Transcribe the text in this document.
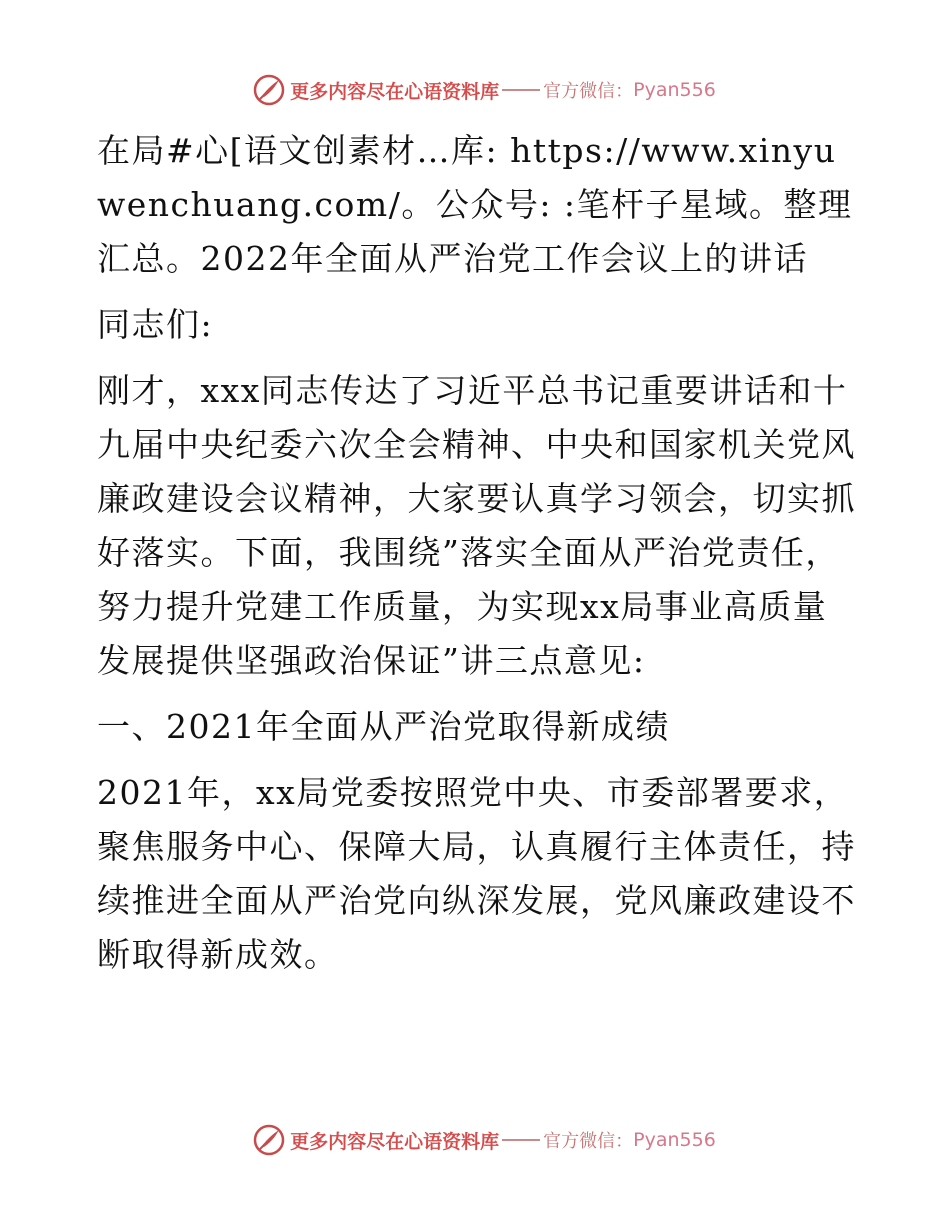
更多内容尽在心语资料库 官方微信： Pyan556

在局#心[语文创素材…库: https://www.xinyuwenchuang.com/。公众号: :笔杆子星域。整理汇总。2022年全面从严治党工作会议上的讲话

同志们:

刚才，xxx同志传达了习近平总书记重要讲话和十九届中央纪委六次全会精神、中央和国家机关党风廉政建设会议精神，大家要认真学习领会，切实抓好落实。下面，我围绕”落实全面从严治党责任，努力提升党建工作质量，为实现xx局事业高质量发展提供坚强政治保证”讲三点意见:

一、2021年全面从严治党取得新成绩

2021年，xx局党委按照党中央、市委部署要求，聚焦服务中心、保障大局，认真履行主体责任，持续推进全面从严治党向纵深发展，党风廉政建设不断取得新成效。

更多内容尽在心语资料库 官方微信： Pyan556
